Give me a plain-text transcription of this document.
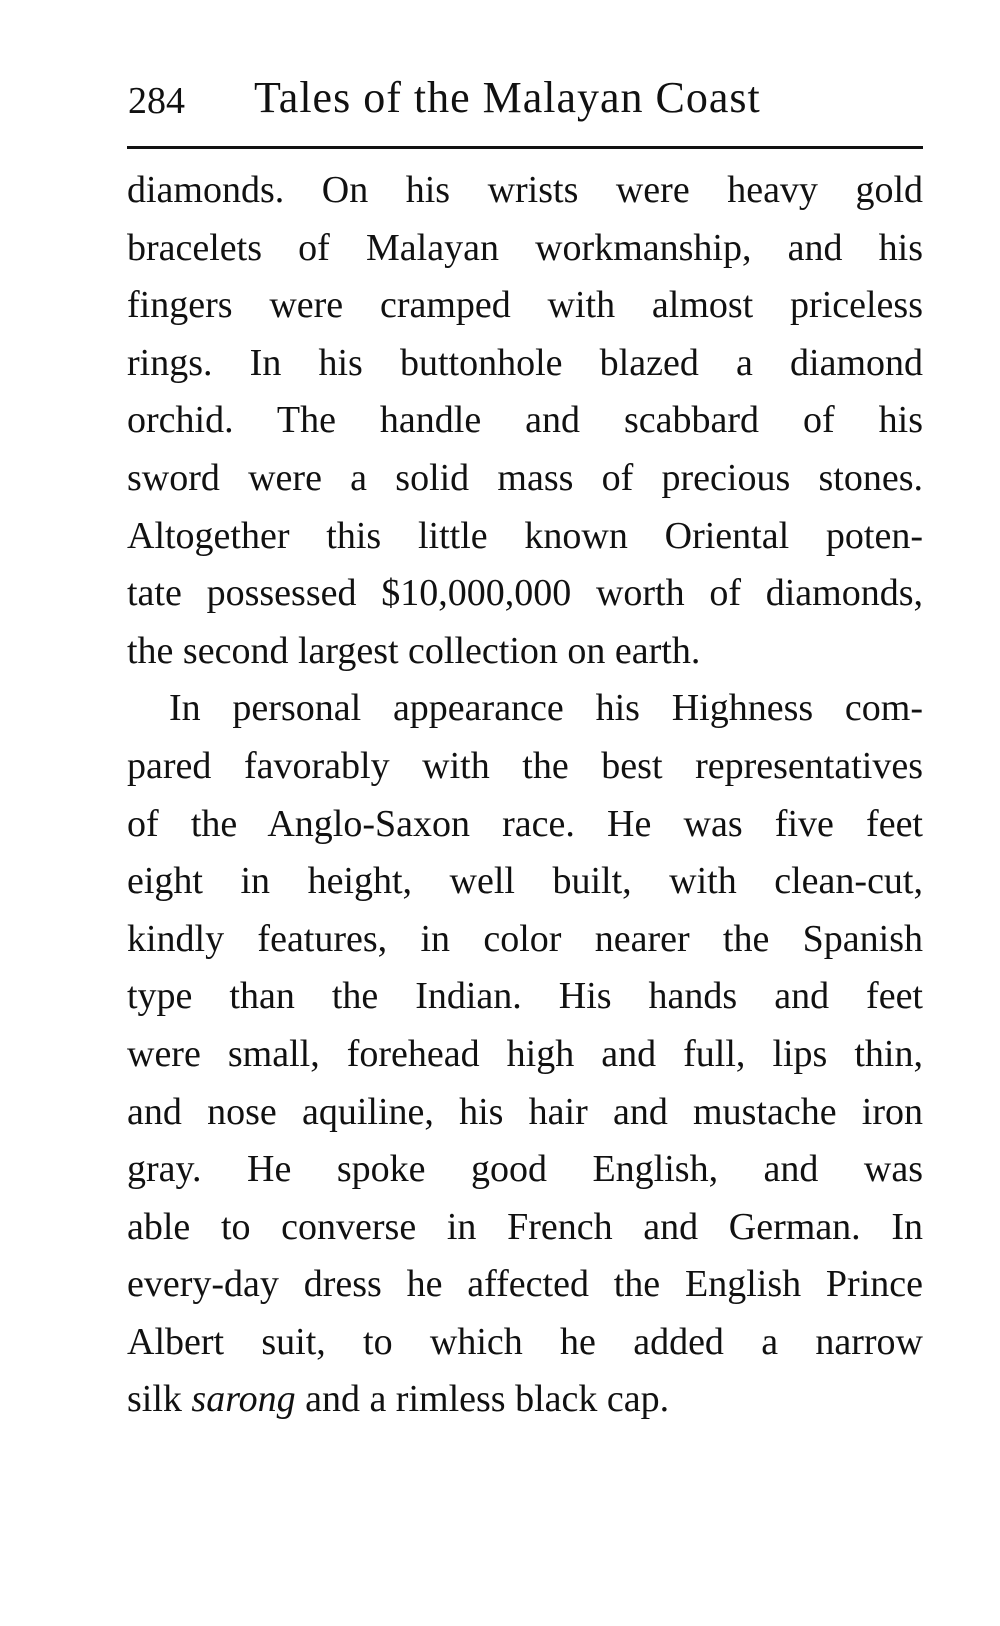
284 Tales of the Malayan Coast
diamonds. On his wrists were heavy gold
bracelets of Malayan workmanship, and his
fingers were cramped with almost priceless
rings. In his buttonhole blazed a diamond
orchid. The handle and scabbard of his
sword were a solid mass of precious stones.
Altogether this little known Oriental poten-
tate possessed $10,000,000 worth of diamonds,
the second largest collection on earth.
In personal appearance his Highness com-
pared favorably with the best representatives
of the Anglo-Saxon race. He was five feet
eight in height, well built, with clean-cut,
kindly features, in color nearer the Spanish
type than the Indian. His hands and feet
were small, forehead high and full, lips thin,
and nose aquiline, his hair and mustache iron
gray. He spoke good English, and was
able to converse in French and German. In
every-day dress he affected the English Prince
Albert suit, to which he added a narrow
silk sarong and a rimless black cap.
